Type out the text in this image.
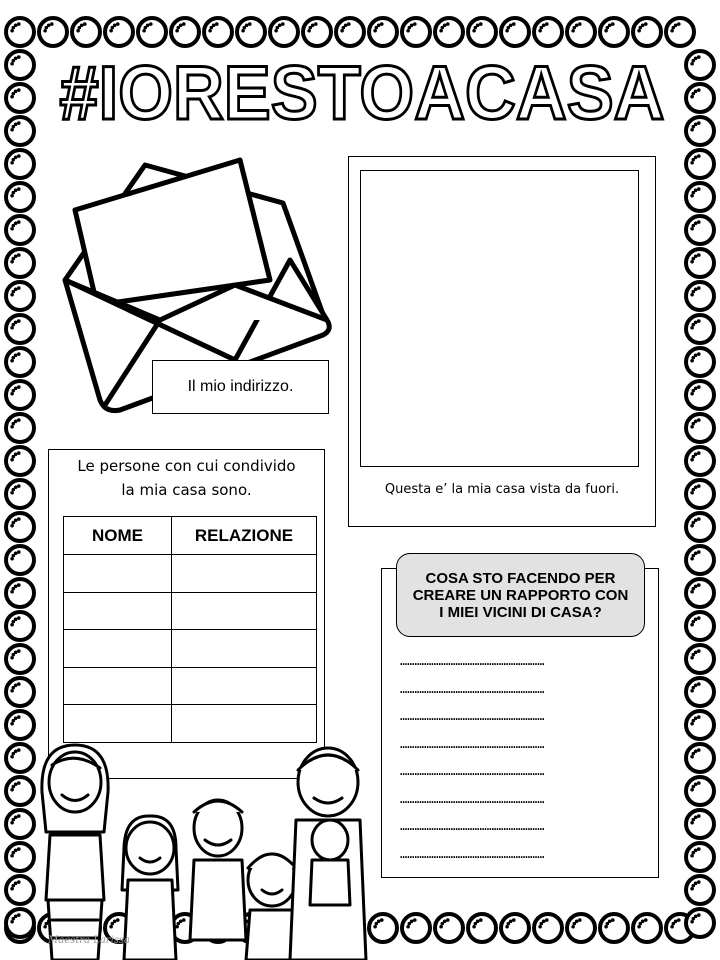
#IORESTOACASA
Il mio indirizzo.
Questa e’ la mia casa vista da fuori.
Le persone con cui condivido
la mia casa sono.
NOME	RELAZIONE

COSA STO FACENDO PER CREARE UN RAPPORTO CON I MIEI VICINI DI CASA?
……………………………………………………
……………………………………………………
……………………………………………………
……………………………………………………
……………………………………………………
……………………………………………………
……………………………………………………
……………………………………………………
Maestra Larissa
